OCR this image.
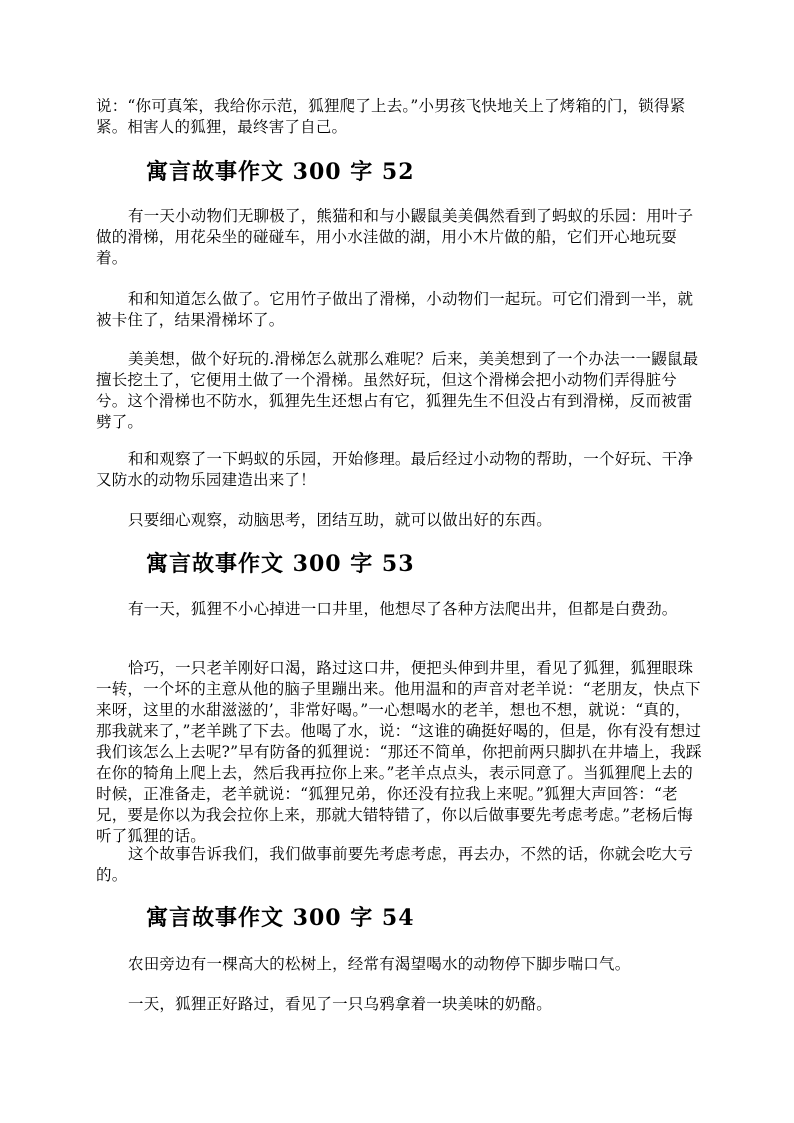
说：“你可真笨，我给你示范，狐狸爬了上去。”小男孩飞快地关上了烤箱的门，锁得紧紧。相害人的狐狸，最终害了自己。

寓言故事作文 300 字 52

有一天小动物们无聊极了，熊猫和和与小鼹鼠美美偶然看到了蚂蚁的乐园：用叶子做的滑梯，用花朵坐的碰碰车，用小水洼做的湖，用小木片做的船，它们开心地玩耍着。

和和知道怎么做了。它用竹子做出了滑梯，小动物们一起玩。可它们滑到一半，就被卡住了，结果滑梯坏了。

美美想，做个好玩的.滑梯怎么就那么难呢？后来，美美想到了一个办法一一鼹鼠最擅长挖土了，它便用土做了一个滑梯。虽然好玩，但这个滑梯会把小动物们弄得脏兮兮。这个滑梯也不防水，狐狸先生还想占有它，狐狸先生不但没占有到滑梯，反而被雷劈了。

和和观察了一下蚂蚁的乐园，开始修理。最后经过小动物的帮助，一个好玩、干净又防水的动物乐园建造出来了！

只要细心观察，动脑思考，团结互助，就可以做出好的东西。

寓言故事作文 300 字 53

有一天，狐狸不小心掉进一口井里，他想尽了各种方法爬出井，但都是白费劲。

恰巧，一只老羊刚好口渴，路过这口井，便把头伸到井里，看见了狐狸，狐狸眼珠一转，一个坏的主意从他的脑子里蹦出来。他用温和的声音对老羊说：“老朋友，快点下来呀，这里的水甜滋滋的’，非常好喝。”一心想喝水的老羊，想也不想，就说：“真的，那我就来了，”老羊跳了下去。他喝了水，说：“这谁的确挺好喝的，但是，你有没有想过我们该怎么上去呢?”早有防备的狐狸说：“那还不简单，你把前两只脚扒在井墙上，我踩在你的犄角上爬上去，然后我再拉你上来。”老羊点点头，表示同意了。当狐狸爬上去的时候，正准备走，老羊就说：“狐狸兄弟，你还没有拉我上来呢。”狐狸大声回答：“老兄，要是你以为我会拉你上来，那就大错特错了，你以后做事要先考虑考虑。”老杨后悔听了狐狸的话。

这个故事告诉我们，我们做事前要先考虑考虑，再去办，不然的话，你就会吃大亏的。

寓言故事作文 300 字 54

农田旁边有一棵高大的松树上，经常有渴望喝水的动物停下脚步喘口气。

一天，狐狸正好路过，看见了一只乌鸦拿着一块美味的奶酪。
